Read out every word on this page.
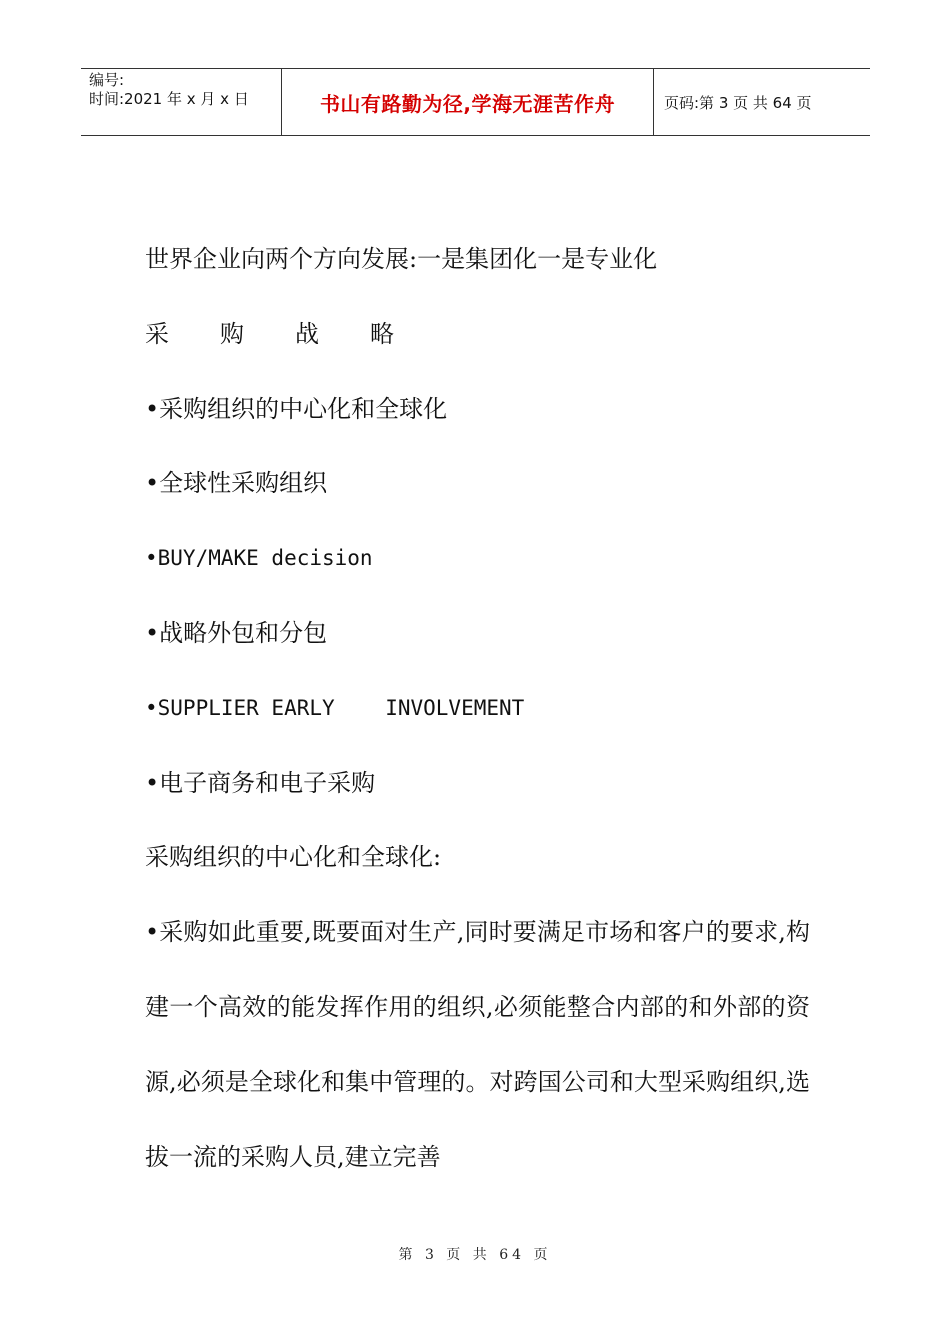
编号:
时间:2021 年 x 月 x 日	书山有路勤为径,学海无涯苦作舟	页码:第 3 页 共 64 页
世界企业向两个方向发展:一是集团化一是专业化
采购战略
•采购组织的中心化和全球化
•全球性采购组织
•BUY/MAKE decision
•战略外包和分包
•SUPPLIER EARLY    INVOLVEMENT
•电子商务和电子采购
采购组织的中心化和全球化:
•采购如此重要,既要面对生产,同时要满足市场和客户的要求,构建一个高效的能发挥作用的组织,必须能整合内部的和外部的资源,必须是全球化和集中管理的。对跨国公司和大型采购组织,选拔一流的采购人员,建立完善
第 3 页 共 64 页
